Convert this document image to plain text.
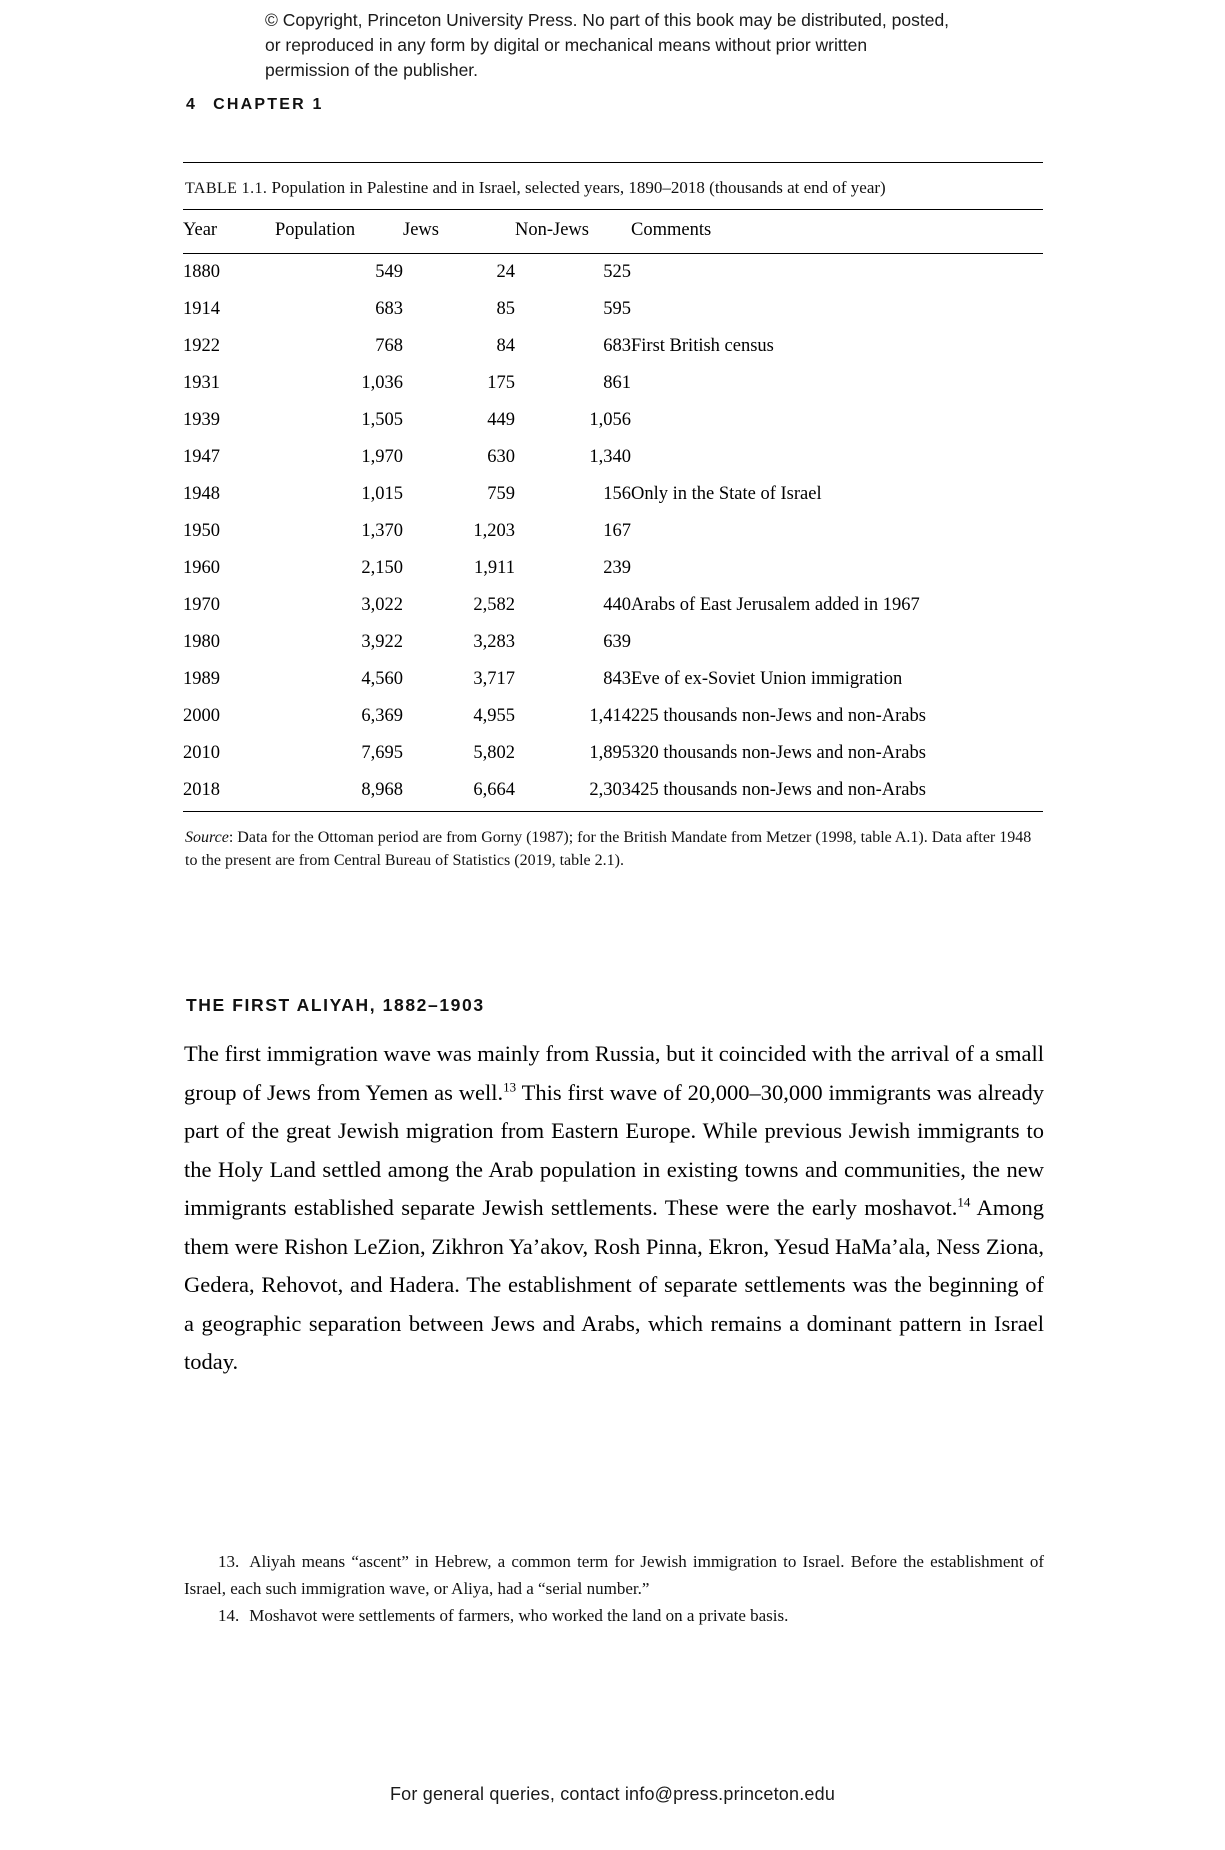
© Copyright, Princeton University Press. No part of this book may be distributed, posted, or reproduced in any form by digital or mechanical means without prior written permission of the publisher.
4 CHAPTER 1
TABLE 1.1. Population in Palestine and in Israel, selected years, 1890–2018 (thousands at end of year)
Year	Population	Jews	Non-Jews	Comments
1880	549	24	525	
1914	683	85	595	
1922	768	84	683	First British census
1931	1,036	175	861	
1939	1,505	449	1,056	
1947	1,970	630	1,340	
1948	1,015	759	156	Only in the State of Israel
1950	1,370	1,203	167	
1960	2,150	1,911	239	
1970	3,022	2,582	440	Arabs of East Jerusalem added in 1967
1980	3,922	3,283	639	
1989	4,560	3,717	843	Eve of ex-Soviet Union immigration
2000	6,369	4,955	1,414	225 thousands non-Jews and non-Arabs
2010	7,695	5,802	1,895	320 thousands non-Jews and non-Arabs
2018	8,968	6,664	2,303	425 thousands non-Jews and non-Arabs
Source: Data for the Ottoman period are from Gorny (1987); for the British Mandate from Metzer (1998, table A.1). Data after 1948 to the present are from Central Bureau of Statistics (2019, table 2.1).
THE FIRST ALIYAH, 1882–1903
The first immigration wave was mainly from Russia, but it coincided with the arrival of a small group of Jews from Yemen as well.$^{13}$ This first wave of 20,000–30,000 immigrants was already part of the great Jewish migration from Eastern Europe. While previous Jewish immigrants to the Holy Land settled among the Arab population in existing towns and communities, the new immigrants established separate Jewish settlements. These were the early moshavot.$^{14}$ Among them were Rishon LeZion, Zikhron Ya’akov, Rosh Pinna, Ekron, Yesud HaMa’ala, Ness Ziona, Gedera, Rehovot, and Hadera. The establishment of separate settlements was the beginning of a geographic separation between Jews and Arabs, which remains a dominant pattern in Israel today.

13. Aliyah means “ascent” in Hebrew, a common term for Jewish immigration to Israel. Before the establishment of Israel, each such immigration wave, or Aliya, had a “serial number.”

14. Moshavot were settlements of farmers, who worked the land on a private basis.

For general queries, contact info@press.princeton.edu
